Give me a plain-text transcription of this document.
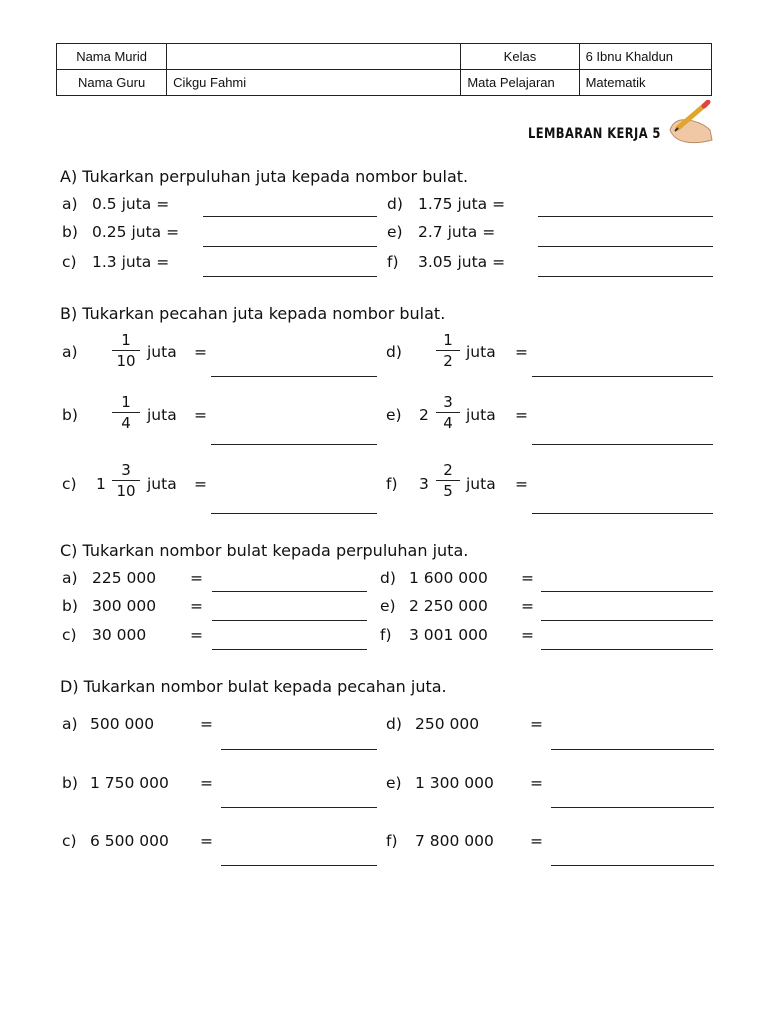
Nama Murid		Kelas	6 Ibnu Khaldun
Nama Guru	Cikgu Fahmi	Mata Pelajaran	Matematik
LEMBARAN KERJA 5
A) Tukarkan perpuluhan juta kepada nombor bulat.
a) 0.5 juta =
b) 0.25 juta =
c) 1.3 juta =
d) 1.75 juta =
e) 2.7 juta =
f) 3.05 juta =
B) Tukarkan pecahan juta kepada nombor bulat.
a)
1
10 juta =
b)
1
4	juta =
c) 1
3
10 juta =
d)
1
2 juta =
e) 2
3
4 juta =
f) 3
2
5 juta =
C) Tukarkan nombor bulat kepada perpuluhan juta.
a) 225 000 =
b) 300 000 =
c) 30 000	=
d) 1 600 000 =
e) 2 250 000 =
f) 3 001 000 =
D) Tukarkan nombor bulat kepada pecahan juta.
a) 500 000	=
b) 1 750 000 =
c) 6 500 000 =
d) 250 000	=
e) 1 300 000 =
f) 7 800 000 =
